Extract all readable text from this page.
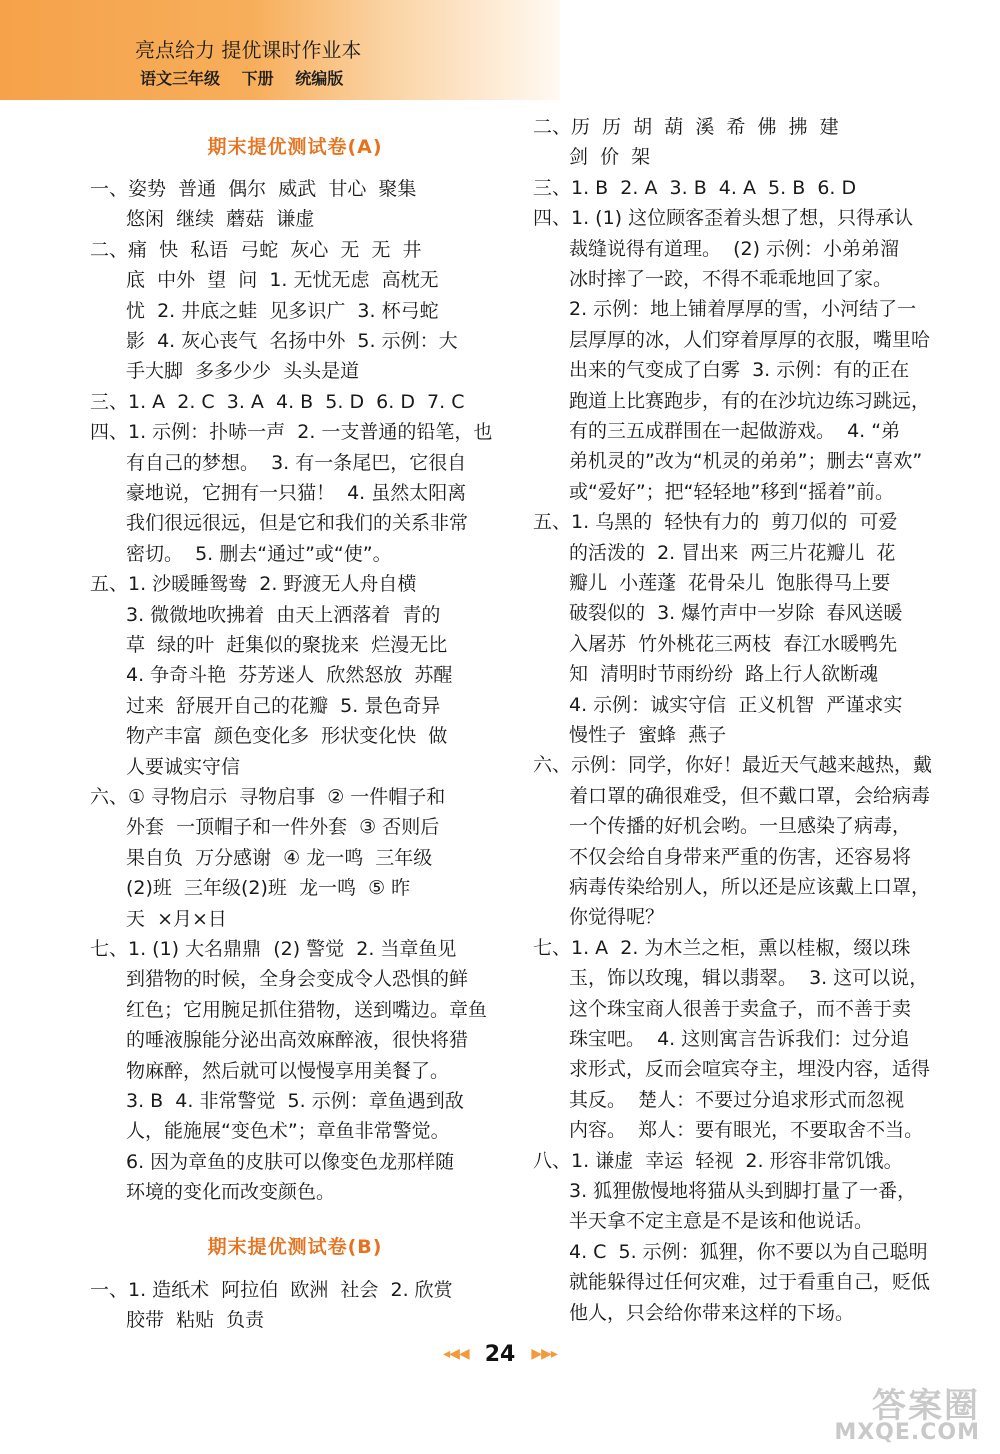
亮点给力 提优课时作业本
语文三年级 下册 统编版
期末提优测试卷(A)
一、姿势  普通  偶尔  威武  甘心  聚集
悠闲  继续  蘑菇  谦虚
二、痛  快  私语  弓蛇  灰心  无  无  井
底  中外  望  问  1. 无忧无虑  高枕无
忧  2. 井底之蛙  见多识广  3. 杯弓蛇
影  4. 灰心丧气  名扬中外  5. 示例：大
手大脚  多多少少  头头是道
三、1. A  2. C  3. A  4. B  5. D  6. D  7. C
四、1. 示例：扑哧一声  2. 一支普通的铅笔，也
有自己的梦想。  3. 有一条尾巴，它很自
豪地说，它拥有一只猫！  4. 虽然太阳离
我们很远很远，但是它和我们的关系非常
密切。  5. 删去“通过”或“使”。
五、1. 沙暖睡鸳鸯  2. 野渡无人舟自横
3. 微微地吹拂着  由天上洒落着  青的
草  绿的叶  赶集似的聚拢来  烂漫无比
4. 争奇斗艳  芬芳迷人  欣然怒放  苏醒
过来  舒展开自己的花瓣  5. 景色奇异
物产丰富  颜色变化多  形状变化快  做
人要诚实守信
六、① 寻物启示  寻物启事  ② 一件帽子和
外套  一顶帽子和一件外套  ③ 否则后
果自负  万分感谢  ④ 龙一鸣  三年级
(2)班  三年级(2)班  龙一鸣  ⑤ 昨
天  ×月×日
七、1. (1) 大名鼎鼎  (2) 警觉  2. 当章鱼见
到猎物的时候，全身会变成令人恐惧的鲜
红色；它用腕足抓住猎物，送到嘴边。章鱼
的唾液腺能分泌出高效麻醉液，很快将猎
物麻醉，然后就可以慢慢享用美餐了。
3. B  4. 非常警觉  5. 示例：章鱼遇到敌
人，能施展“变色术”；章鱼非常警觉。
6. 因为章鱼的皮肤可以像变色龙那样随
环境的变化而改变颜色。
期末提优测试卷(B)
一、1. 造纸术  阿拉伯  欧洲  社会  2. 欣赏
胶带  粘贴  负责
二、历  历  胡  葫  溪  希  佛  拂  建
剑  价  架
三、1. B  2. A  3. B  4. A  5. B  6. D
四、1. (1) 这位顾客歪着头想了想，只得承认
裁缝说得有道理。  (2) 示例：小弟弟溜
冰时摔了一跤，不得不乖乖地回了家。
2. 示例：地上铺着厚厚的雪，小河结了一
层厚厚的冰，人们穿着厚厚的衣服，嘴里哈
出来的气变成了白雾  3. 示例：有的正在
跑道上比赛跑步，有的在沙坑边练习跳远，
有的三五成群围在一起做游戏。  4. “弟
弟机灵的”改为“机灵的弟弟”；删去“喜欢”
或“爱好”；把“轻轻地”移到“摇着”前。
五、1. 乌黑的  轻快有力的  剪刀似的  可爱
的活泼的  2. 冒出来  两三片花瓣儿  花
瓣儿  小莲蓬  花骨朵儿  饱胀得马上要
破裂似的  3. 爆竹声中一岁除  春风送暖
入屠苏  竹外桃花三两枝  春江水暖鸭先
知  清明时节雨纷纷  路上行人欲断魂
4. 示例：诚实守信  正义机智  严谨求实
慢性子  蜜蜂  燕子
六、示例：同学，你好！最近天气越来越热，戴
着口罩的确很难受，但不戴口罩，会给病毒
一个传播的好机会哟。一旦感染了病毒，
不仅会给自身带来严重的伤害，还容易将
病毒传染给别人，所以还是应该戴上口罩，
你觉得呢？
七、1. A  2. 为木兰之柜，熏以桂椒，缀以珠
玉，饰以玫瑰，辑以翡翠。  3. 这可以说，
这个珠宝商人很善于卖盒子，而不善于卖
珠宝吧。  4. 这则寓言告诉我们：过分追
求形式，反而会喧宾夺主，埋没内容，适得
其反。  楚人：不要过分追求形式而忽视
内容。  郑人：要有眼光，不要取舍不当。
八、1. 谦虚  幸运  轻视  2. 形容非常饥饿。
3. 狐狸傲慢地将猫从头到脚打量了一番，
半天拿不定主意是不是该和他说话。
4. C  5. 示例：狐狸，你不要以为自己聪明
就能躲得过任何灾难，过于看重自己，贬低
他人，只会给你带来这样的下场。
◂◀◀ 24 ▶▶▸
答案圈
MXQE.COM
